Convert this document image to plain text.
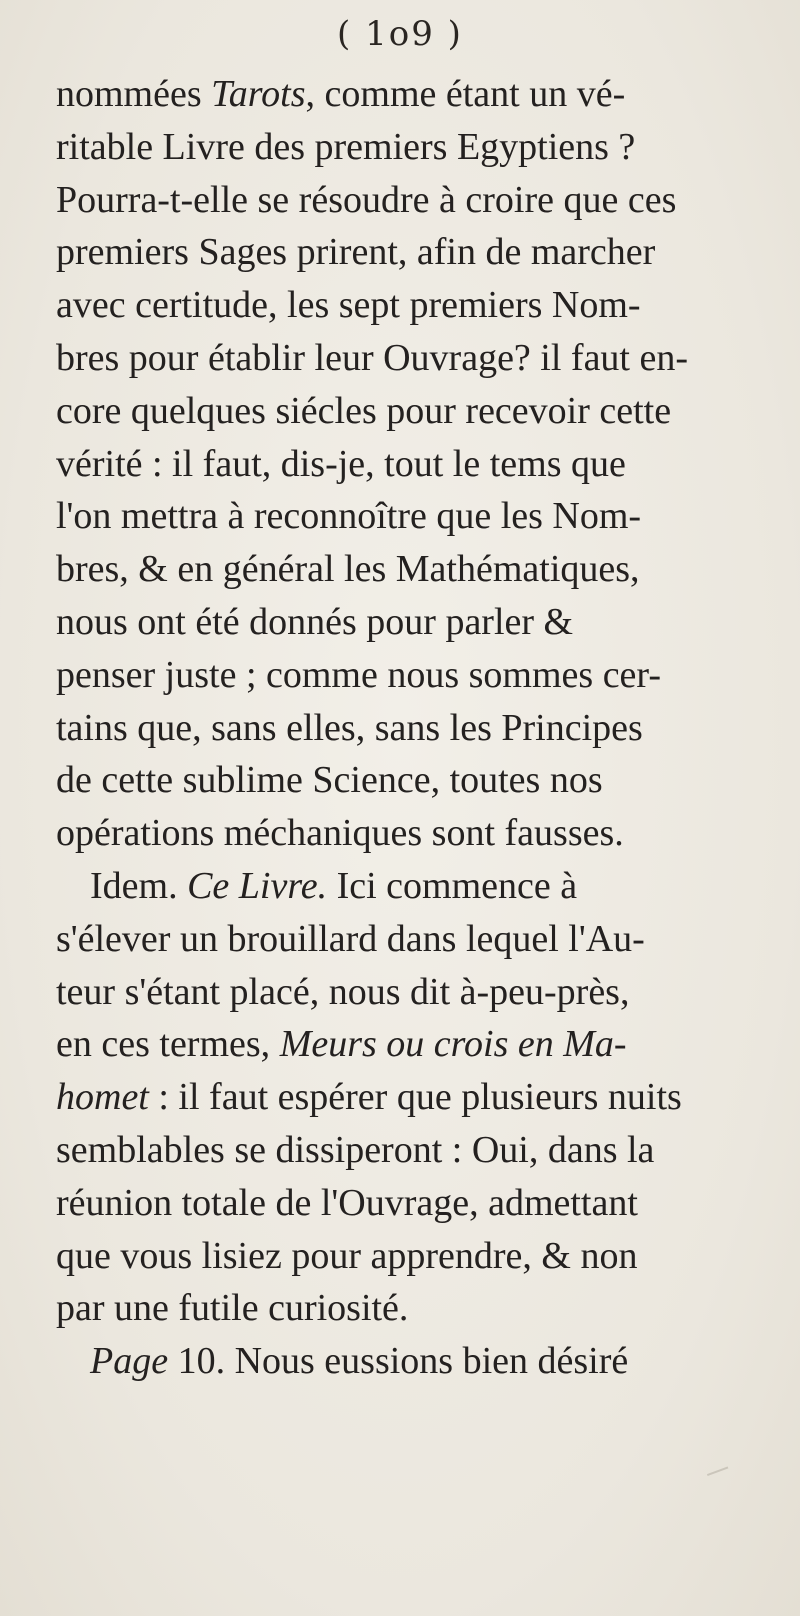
( 1o9 )
nommées Tarots, comme étant un vé-
ritable Livre des premiers Egyptiens ?
Pourra-t-elle se résoudre à croire que ces
premiers Sages prirent, afin de marcher
avec certitude, les sept premiers Nom-
bres pour établir leur Ouvrage? il faut en-
core quelques siécles pour recevoir cette
vérité : il faut, dis-je, tout le tems que
l'on mettra à reconnoître que les Nom-
bres, & en général les Mathématiques,
nous ont été donnés pour parler &
penser juste ; comme nous sommes cer-
tains que, sans elles, sans les Principes
de cette sublime Science, toutes nos
opérations méchaniques sont fausses.
Idem. Ce Livre. Ici commence à
s'élever un brouillard dans lequel l'Au-
teur s'étant placé, nous dit à-peu-près,
en ces termes, Meurs ou crois en Ma-
homet : il faut espérer que plusieurs nuits
semblables se dissiperont : Oui, dans la
réunion totale de l'Ouvrage, admettant
que vous lisiez pour apprendre, & non
par une futile curiosité.
Page 10. Nous eussions bien désiré
